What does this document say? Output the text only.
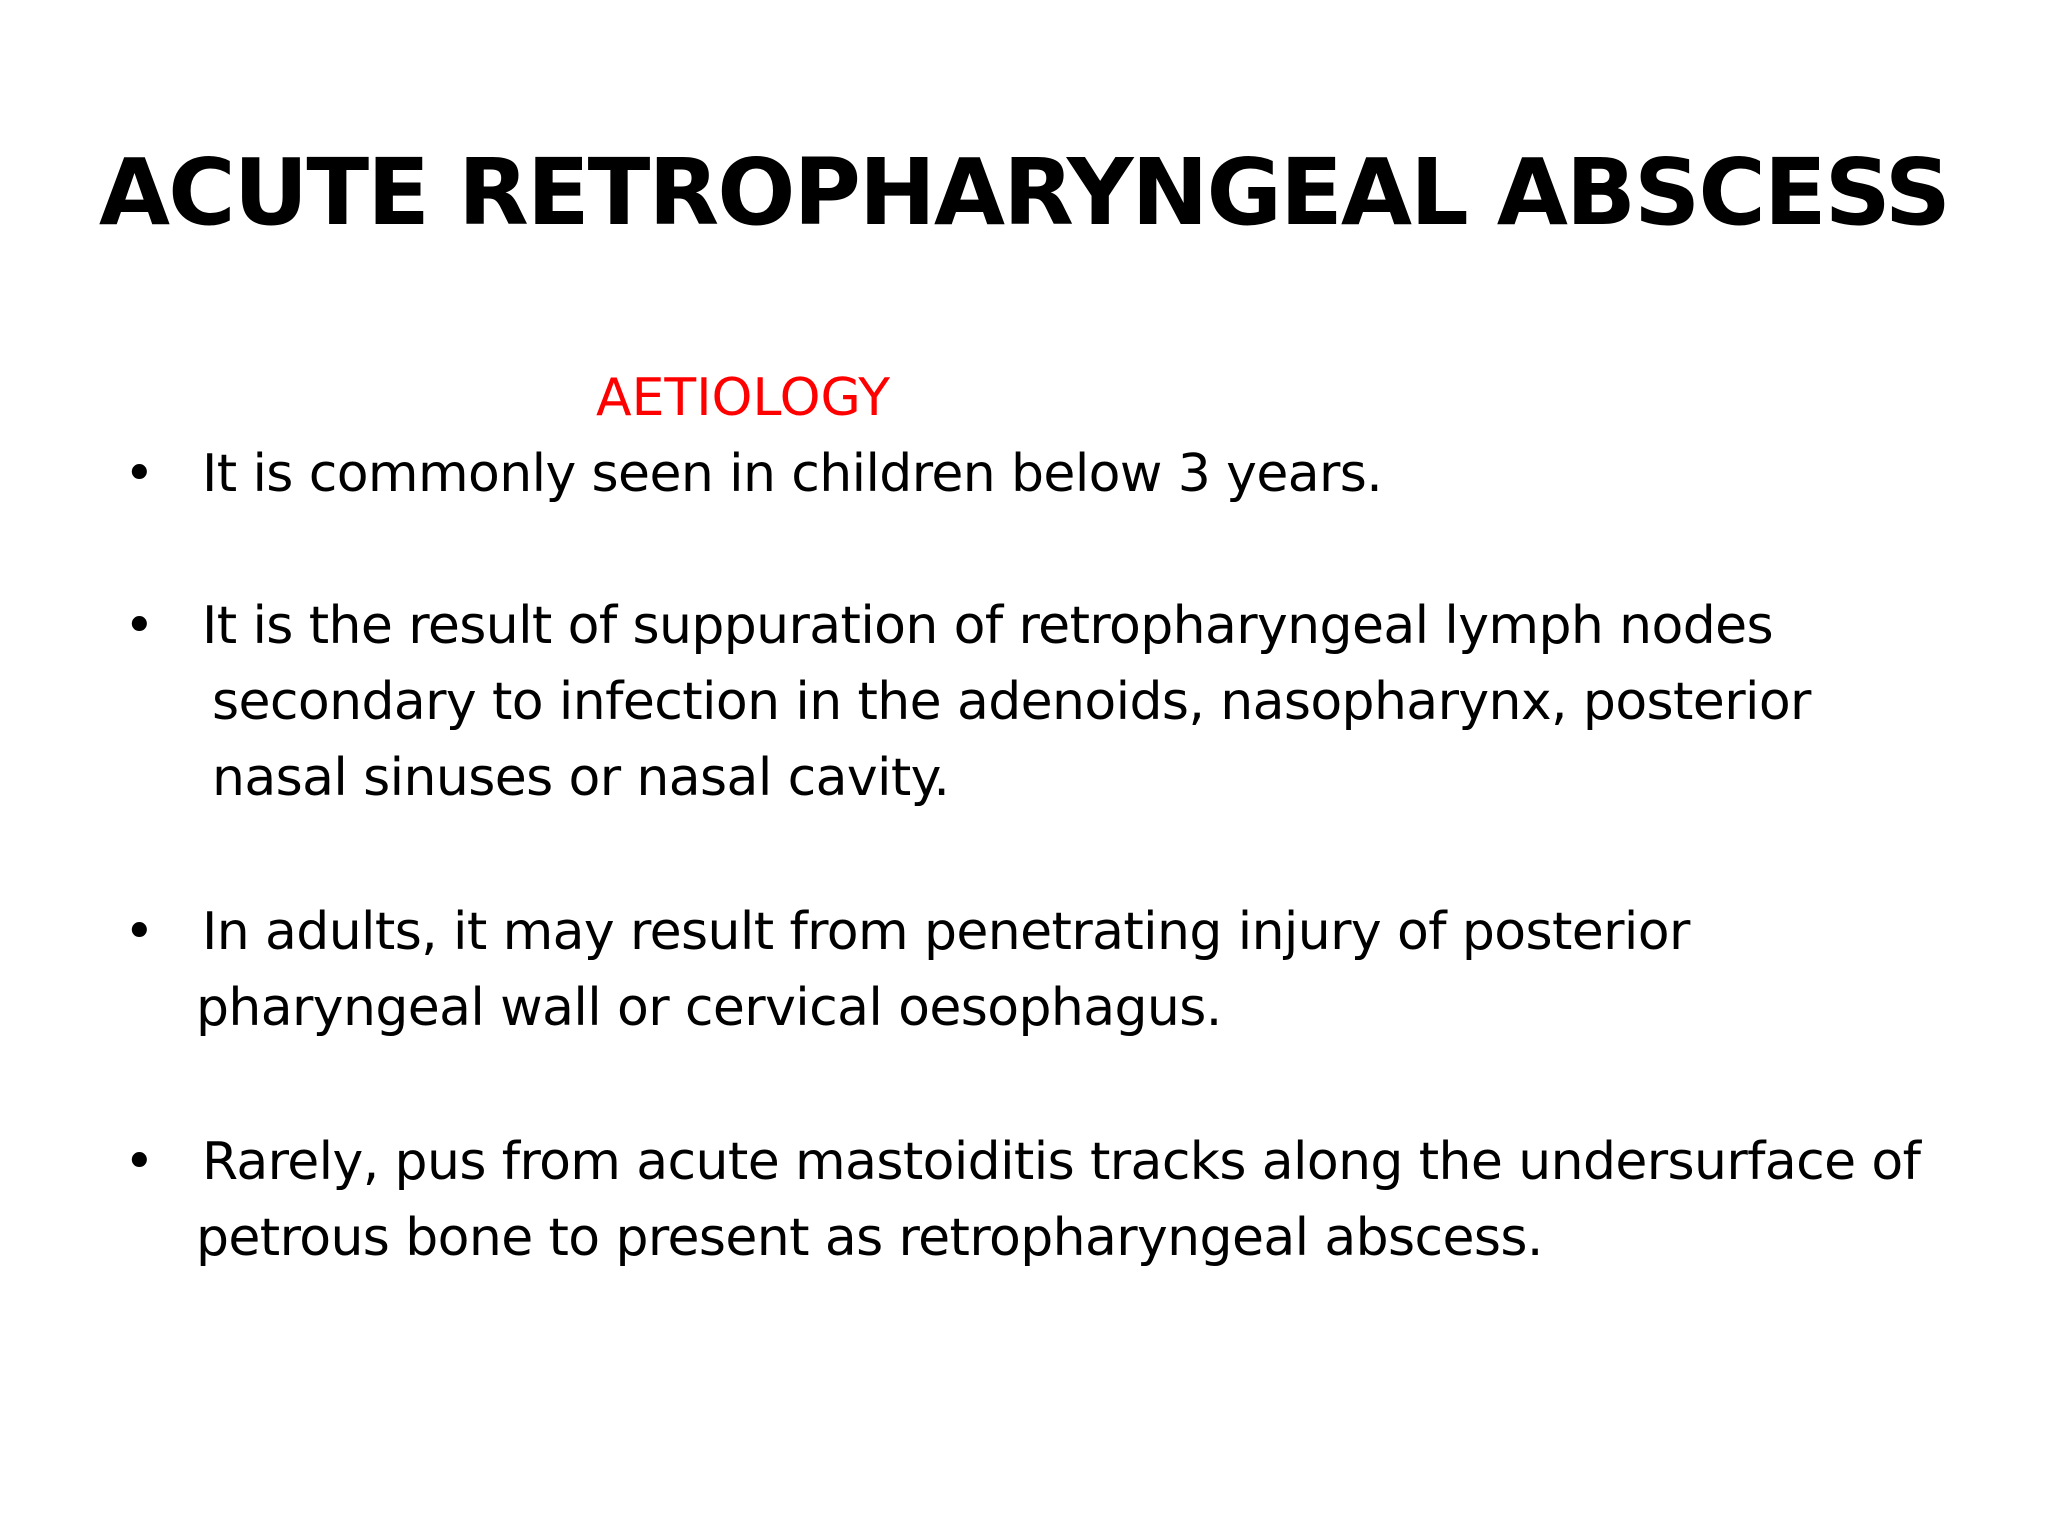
ACUTE RETROPHARYNGEAL ABSCESS
AETIOLOGY
• It is commonly seen in children below 3 years.
• It is the result of suppuration of retropharyngeal lymph nodes
secondary to infection in the adenoids, nasopharynx, posterior
nasal sinuses or nasal cavity.
• In adults, it may result from penetrating injury of posterior
pharyngeal wall or cervical oesophagus.
• Rarely, pus from acute mastoiditis tracks along the undersurface of
petrous bone to present as retropharyngeal abscess.
